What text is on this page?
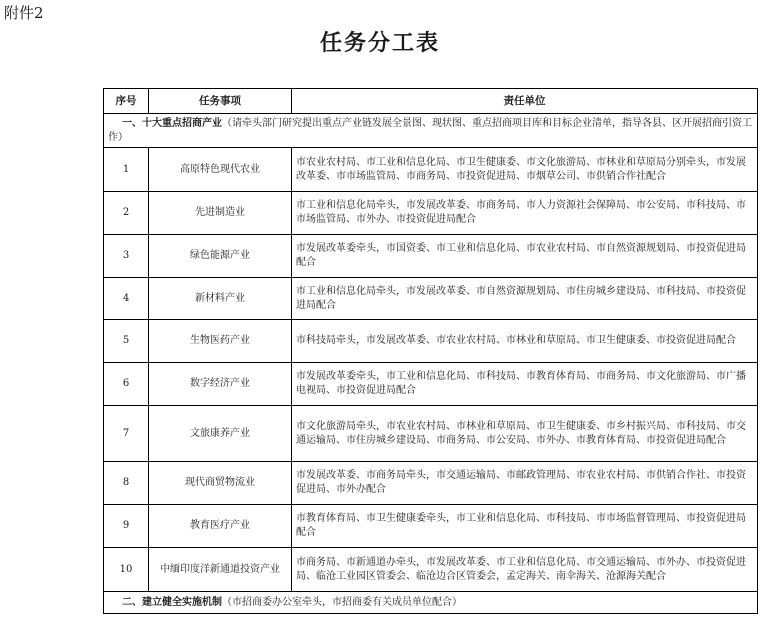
附件2
任务分工表
序号	任务事项	责任单位
一、十大重点招商产业（请牵头部门研究提出重点产业链发展全景图、现状图、重点招商项目库和目标企业清单，指导各县、区开展招商引资工作）		
1	高原特色现代农业	市农业农村局、市工业和信息化局、市卫生健康委、市文化旅游局、市林业和草原局分别牵头，市发展改革委、市市场监管局、市商务局、市投资促进局、市烟草公司、市供销合作社配合
2	先进制造业	市工业和信息化局牵头，市发展改革委、市商务局、市人力资源社会保障局、市公安局、市科技局、市市场监管局、市外办、市投资促进局配合
3	绿色能源产业	市发展改革委牵头，市国资委、市工业和信息化局、市农业农村局、市自然资源规划局、市投资促进局配合
4	新材料产业	市工业和信息化局牵头，市发展改革委、市自然资源规划局、市住房城乡建设局、市科技局、市投资促进局配合
5	生物医药产业	市科技局牵头，市发展改革委、市农业农村局、市林业和草原局、市卫生健康委、市投资促进局配合
6	数字经济产业	市发展改革委牵头，市工业和信息化局、市科技局、市教育体育局、市商务局、市文化旅游局、市广播电视局、市投资促进局配合
7	文旅康养产业	市文化旅游局牵头，市农业农村局、市林业和草原局、市卫生健康委、市乡村振兴局、市科技局、市交通运输局、市住房城乡建设局、市商务局、市公安局、市外办、市教育体育局、市投资促进局配合
8	现代商贸物流业	市发展改革委、市商务局牵头，市交通运输局、市邮政管理局、市农业农村局、市供销合作社、市投资促进局、市外办配合
9	教育医疗产业	市教育体育局、市卫生健康委牵头，市工业和信息化局、市科技局、市市场监督管理局、市投资促进局配合
10	中缅印度洋新通道投资产业	市商务局、市新通道办牵头，市发展改革委、市工业和信息化局、市交通运输局、市外办、市投资促进局、临沧工业园区管委会、临沧边合区管委会，孟定海关、南伞海关、沧源海关配合
二、建立健全实施机制（市招商委办公室牵头，市招商委有关成员单位配合）		
